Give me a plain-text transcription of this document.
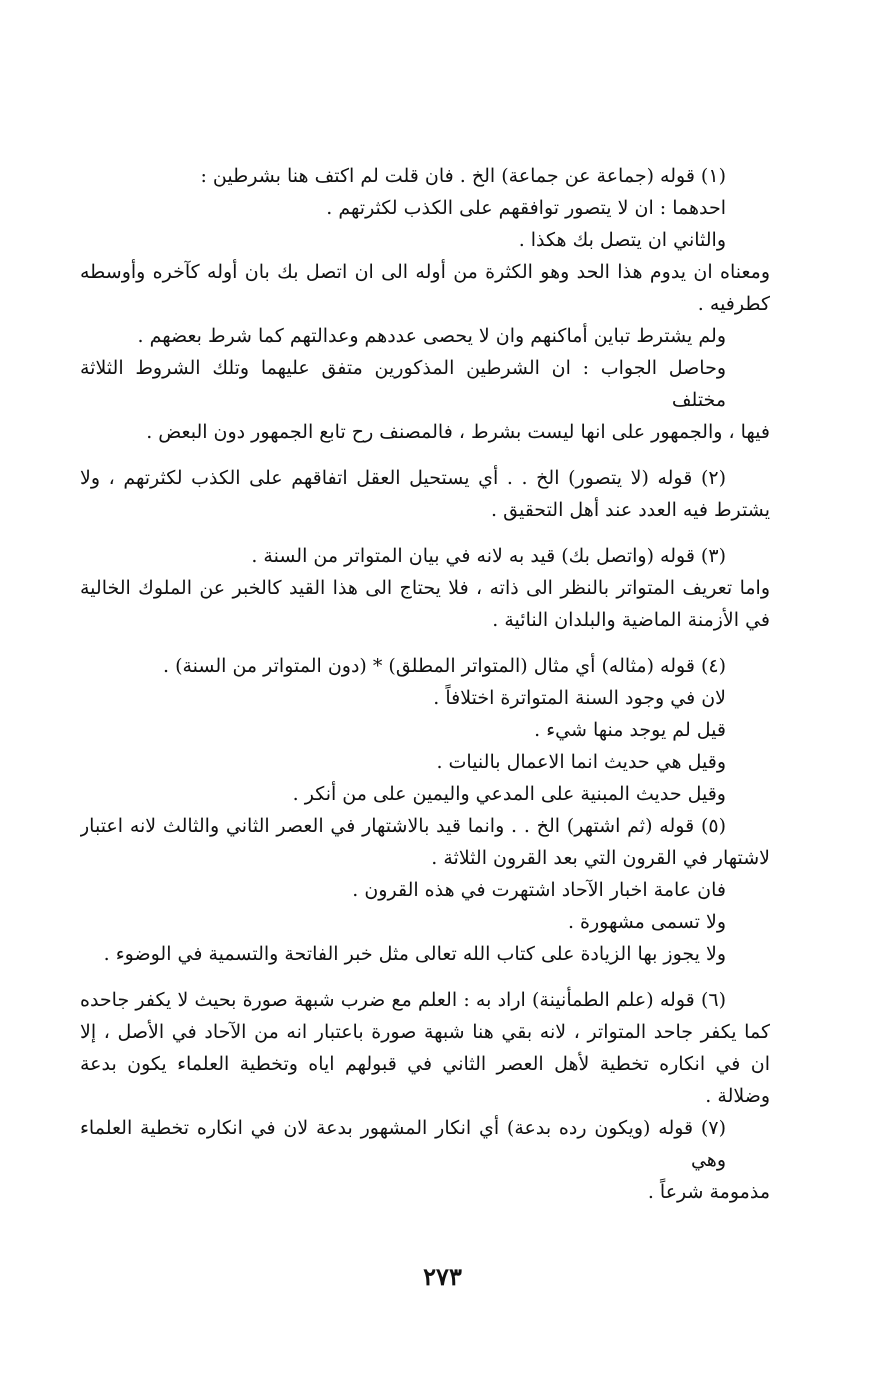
(١) قوله (جماعة عن جماعة) الخ . فان قلت لم اكتف هنا بشرطين :
احدهما : ان لا يتصور توافقهم على الكذب لكثرتهم .
والثاني ان يتصل بك هكذا .
ومعناه ان يدوم هذا الحد وهو الكثرة من أوله الى ان اتصل بك بان أوله كآخره وأوسطه
كطرفيه .
ولم يشترط تباين أماكنهم وان لا يحصى عددهم وعدالتهم كما شرط بعضهم .
وحاصل الجواب : ان الشرطين المذكورين متفق عليهما وتلك الشروط الثلاثة مختلف
فيها ، والجمهور على انها ليست بشرط ، فالمصنف رح تابع الجمهور دون البعض .
(٢) قوله (لا يتصور) الخ . . أي يستحيل العقل اتفاقهم على الكذب لكثرتهم ، ولا
يشترط فيه العدد عند أهل التحقيق .
(٣) قوله (واتصل بك) قيد به لانه في بيان المتواتر من السنة .
واما تعريف المتواتر بالنظر الى ذاته ، فلا يحتاج الى هذا القيد كالخبر عن الملوك الخالية
في الأزمنة الماضية والبلدان النائية .
(٤) قوله (مثاله) أي مثال (المتواتر المطلق) * (دون المتواتر من السنة) .
لان في وجود السنة المتواترة اختلافاً .
قيل لم يوجد منها شيء .
وقيل هي حديث انما الاعمال بالنيات .
وقيل حديث المبنية على المدعي واليمين على من أنكر .
(٥) قوله (ثم اشتهر) الخ . . وانما قيد بالاشتهار في العصر الثاني والثالث لانه اعتبار
لاشتهار في القرون التي بعد القرون الثلاثة .
فان عامة اخبار الآحاد اشتهرت في هذه القرون .
ولا تسمى مشهورة .
ولا يجوز بها الزيادة على كتاب الله تعالى مثل خبر الفاتحة والتسمية في الوضوء .
(٦) قوله (علم الطمأنينة) اراد به : العلم مع ضرب شبهة صورة بحيث لا يكفر جاحده
كما يكفر جاحد المتواتر ، لانه بقي هنا شبهة صورة باعتبار انه من الآحاد في الأصل ، إلا
ان في انكاره تخطية لأهل العصر الثاني في قبولهم اياه وتخطية العلماء يكون بدعة
وضلالة .
(٧) قوله (ويكون رده بدعة) أي انكار المشهور بدعة لان في انكاره تخطية العلماء وهي
مذمومة شرعاً .
٢٧٣
